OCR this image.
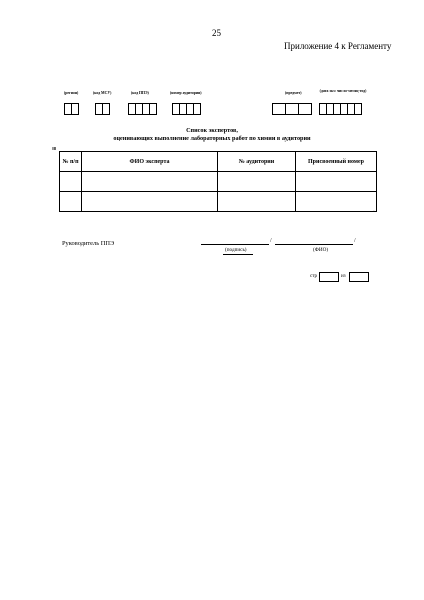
25
Приложение 4 к Регламенту
(регион)	(код МСУ)	(код ППЭ)	(номер аудитории)	(предмет)	(дата экз: число-месяц-год)
Список экспертов,
оценивающих выполнение лабораторных работ по химии в аудитории
⊞
▫
№ п/п	ФИО эксперта	№ аудитории	Присвоенный номер

Руководитель ППЭ	/	/
(подпись)	(ФИО)
стр	из
